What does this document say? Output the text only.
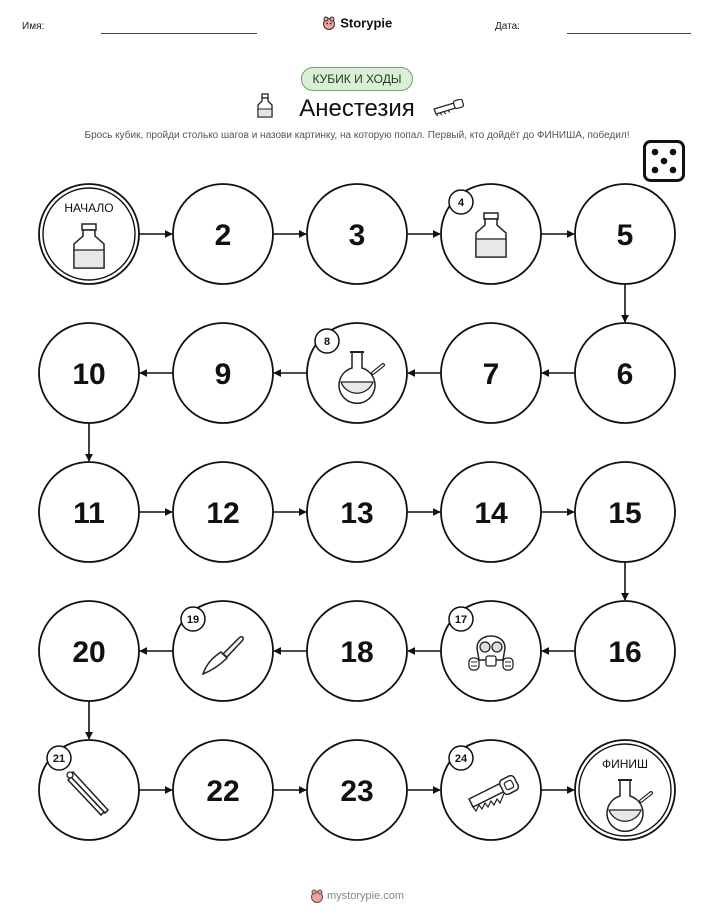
Имя:	Дата:
Storypie
КУБИК И ХОДЫ
Анестезия
Брось кубик, пройди столько шагов и назови картинку, на которую попал. Первый, кто дойдёт до ФИНИША, победил!
НАЧАЛО
2	3
4
5
6
7
8
9
10
11	12	13	14	15
16
17
18
19
20
21
22	23
24	ФИНИШ
mystorypie.com
